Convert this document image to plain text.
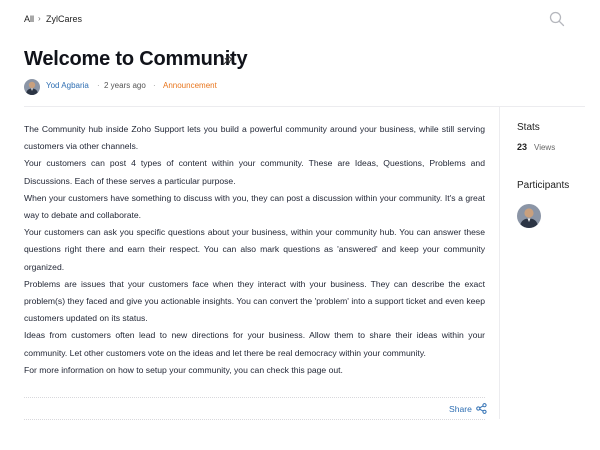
All › ZylCares
Welcome to Community
Yod Agbaria · 2 years ago · Announcement

The Community hub inside Zoho Support lets you build a powerful community around your business, while still serving customers via other channels.

Your customers can post 4 types of content within your community. These are Ideas, Questions, Problems and Discussions. Each of these serves a particular purpose.

When your customers have something to discuss with you, they can post a discussion within your community. It's a great way to debate and collaborate.

Your customers can ask you specific questions about your business, within your community hub. You can answer these questions right there and earn their respect. You can also mark questions as 'answered' and keep your community organized.

Problems are issues that your customers face when they interact with your business. They can describe the exact problem(s) they faced and give you actionable insights. You can convert the 'problem' into a support ticket and even keep customers updated on its status.

Ideas from customers often lead to new directions for your business. Allow them to share their ideas within your community. Let other customers vote on the ideas and let there be real democracy within your community.

For more information on how to setup your community, you can check this page out.

Share
Stats
23 Views
Participants
